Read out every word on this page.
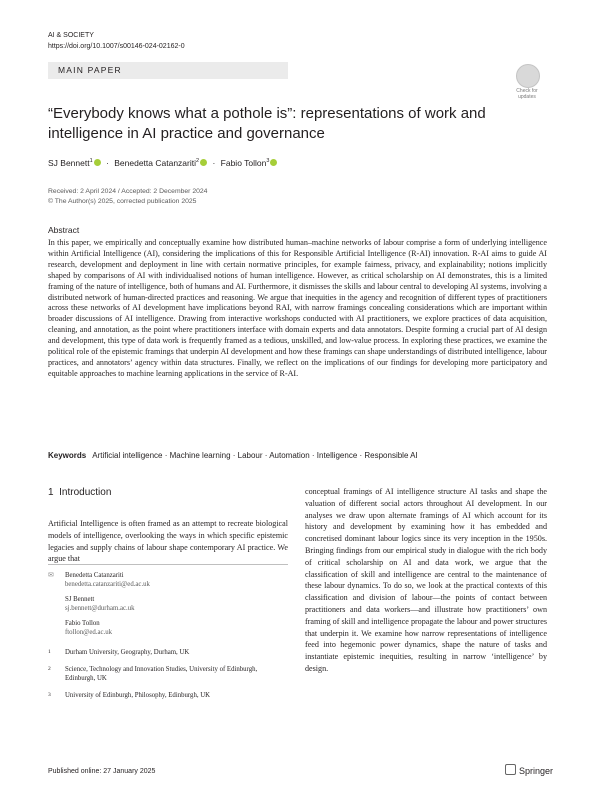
AI & SOCIETY
https://doi.org/10.1007/s00146-024-02162-0
MAIN PAPER
Check for
updates
“Everybody knows what a pothole is”: representations of work and intelligence in AI practice and governance
SJ Bennett$^1$ · Benedetta Catanzariti$^2$ · Fabio Tollon$^3$
Received: 2 April 2024 / Accepted: 2 December 2024
© The Author(s) 2025, corrected publication 2025
Abstract
In this paper, we empirically and conceptually examine how distributed human–machine networks of labour comprise a form of underlying intelligence within Artificial Intelligence (AI), considering the implications of this for Responsible Artificial Intelligence (R-AI) innovation. R-AI aims to guide AI research, development and deployment in line with certain normative principles, for example fairness, privacy, and explainability; notions implicitly shaped by comparisons of AI with individualised notions of human intelligence. However, as critical scholarship on AI demonstrates, this is a limited framing of the nature of intelligence, both of humans and AI. Furthermore, it dismisses the skills and labour central to developing AI systems, involving a distributed network of human-directed practices and reasoning. We argue that inequities in the agency and recognition of different types of practitioners across these networks of AI development have implications beyond RAI, with narrow framings concealing considerations which are important within broader discussions of AI intelligence. Drawing from interactive workshops conducted with AI practitioners, we explore practices of data acquisition, cleaning, and annotation, as the point where practitioners interface with domain experts and data annotators. Despite forming a crucial part of AI design and development, this type of data work is frequently framed as a tedious, unskilled, and low-value process. In exploring these practices, we examine the political role of the epistemic framings that underpin AI development and how these framings can shape understandings of distributed intelligence, labour practices, and annotators’ agency within data structures. Finally, we reflect on the implications of our findings for developing more participatory and equitable approaches to machine learning applications in the service of R-AI.
Keywords Artificial intelligence · Machine learning · Labour · Automation · Intelligence · Responsible AI
1 Introduction
Artificial Intelligence is often framed as an attempt to recreate biological models of intelligence, overlooking the ways in which specific epistemic legacies and supply chains of labour shape contemporary AI practice. We argue that
conceptual framings of AI intelligence structure AI tasks and shape the valuation of different social actors throughout AI development. In our analyses we draw upon alternate framings of AI which account for its history and development by examining how it has embedded and concretised dominant labour logics since its very inception in the 1950s. Bringing findings from our empirical study in dialogue with the rich body of critical scholarship on AI and data work, we argue that the classification of skill and intelligence are central to the maintenance of these labour dynamics. To do so, we look at the practical contexts of this classification and division of labour—the points of contact between practitioners and data workers—and illustrate how practitioners’ own framing of skill and intelligence propagate the labour and power structures that underpin it. We examine how narrow representations of intelligence feed into hegemonic power dynamics, shape the nature of tasks and instantiate epistemic inequities, resulting in narrow ‘intelligence’ by design.
✉	Benedetta Catanzariti
benedetta.catanzariti@ed.ac.uk
SJ Bennett
sj.bennett@durham.ac.uk
Fabio Tollon
ftollon@ed.ac.uk
1 Durham University, Geography, Durham, UK
2 Science, Technology and Innovation Studies, University of Edinburgh, Edinburgh, UK
3 University of Edinburgh, Philosophy, Edinburgh, UK
Published online: 27 January 2025	Springer
